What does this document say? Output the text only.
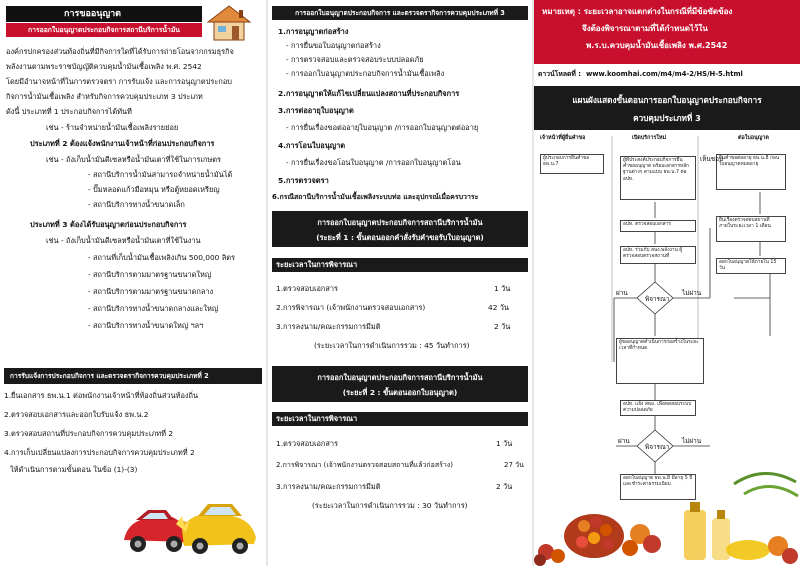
การขออนุญาต
การออกใบอนุญาตประกอบกิจการสถานีบริการน้ำมัน
องค์กรปกครองส่วนท้องถิ่นที่มีกิจการใดที่ได้รับการถ่ายโอนจากกรมธุรกิจ
พลังงานตามพระราชบัญญัติควบคุมน้ำมันเชื้อเพลิง พ.ศ. 2542
โดยมีอำนาจหน้าที่ในการตรวจตรา การรับแจ้ง และการอนุญาตประกอบ
กิจการน้ำมันเชื้อเพลิง สำหรับกิจการควบคุมประเภท 3 ประเภท
ดังนี้ ประเภทที่ 1 ประกอบกิจการได้ทันที
เช่น - ร้านจำหน่ายน้ำมันเชื้อเพลิงรายย่อย
ประเภทที่ 2 ต้องแจ้งพนักงานเจ้าหน้าที่ก่อนประกอบกิจการ
เช่น - ถังเก็บน้ำมันดีเซลหรือน้ำมันเตาที่ใช้ในการเกษตร
- สถานีบริการน้ำมันสามารถจำหน่ายน้ำมันได้
- ปั๊มหลอดแก้วมือหมุน หรือตู้หยอดเหรียญ
- สถานีบริการทางน้ำขนาดเล็ก
ประเภทที่ 3 ต้องได้รับอนุญาตก่อนประกอบกิจการ
เช่น - ถังเก็บน้ำมันดีเซลหรือน้ำมันเตาที่ใช้ในงาน
- สถานที่เก็บน้ำมันเชื้อเพลิงเกิน 500,000 ลิตร
- สถานีบริการตามมาตรฐานขนาดใหญ่
- สถานีบริการตามมาตรฐานขนาดกลาง
- สถานีบริการทางน้ำขนาดกลางและใหญ่
- สถานีบริการทางน้ำขนาดใหญ่ ฯลฯ
การรับแจ้งการประกอบกิจการ และตรวจตรากิจการควบคุมประเภทที่ 2
1.ยื่นเอกสาร ธพ.น.1 ต่อพนักงานเจ้าหน้าที่ท้องถิ่นส่วนท้องถิ่น
2.ตรวจสอบเอกสารและออกใบรับแจ้ง ธพ.น.2
3.ตรวจสอบสถานที่ประกอบกิจการควบคุมประเภทที่ 2
4.การเก็บเปลี่ยนแปลงการประกอบกิจการควบคุมประเภทที่ 2
ให้ดำเนินการตามขั้นตอน ในข้อ (1)-(3)
การออกใบอนุญาตประกอบกิจการ และตรวจตรากิจการควบคุมประเภทที่ 3
1.การอนุญาตก่อสร้าง
- การยื่นขอใบอนุญาตก่อสร้าง
- การตรวจสอบและตรวจสอบระบบปลอดภัย
- การออกใบอนุญาตประกอบกิจการน้ำมันเชื้อเพลิง
2.การอนุญาตให้แก้ไขเปลี่ยนแปลงสถานที่ประกอบกิจการ
3.การต่ออายุใบอนุญาต
- การยื่นเรื่องขอต่ออายุใบอนุญาต /การออกใบอนุญาตต่ออายุ
4.การโอนใบอนุญาต
- การยื่นเรื่องขอโอนใบอนุญาต /การออกใบอนุญาตโอน
5.การตรวจตรา
6.กรณีสถานีบริการน้ำมันเชื้อเพลิงระบบท่อ และอุปกรณ์เมื่อครบวาระ
การออกใบอนุญาตประกอบกิจการสถานีบริการน้ำมัน
(ระยะที่ 1 : ขั้นตอนออกคำสั่งรับคำขอรับใบอนุญาต)
ระยะเวลาในการพิจารณา
1.ตรวจสอบเอกสาร	1 วัน
2.การพิจารณา (เจ้าพนักงานตรวจสอบเอกสาร)	42 วัน
3.การลงนาม/คณะกรรมการมีมติ	2 วัน
(ระยะเวลาในการดำเนินการรวม : 45 วันทำการ)
การออกใบอนุญาตประกอบกิจการสถานีบริการน้ำมัน
(ระยะที่ 2 : ขั้นตอนออกใบอนุญาต)
ระยะเวลาในการพิจารณา
1.ตรวจสอบเอกสาร	1 วัน
2.การพิจารณา (เจ้าพนักงานตรวจสอบสถานที่แล้วก่อสร้าง)	27 วัน
3.การลงนาม/คณะกรรมการมีมติ	2 วัน
(ระยะเวลาในการดำเนินการรวม : 30 วันทำการ)
หมายเหตุ : ระยะเวลาอาจแตกต่างในกรณีที่มีข้อขัดข้อง
จึงต้องพิจารณาตามที่ได้กำหนดไว้ใน
พ.ร.บ.ควบคุมน้ำมันเชื้อเพลิง พ.ศ.2542
ดาวน์โหลดที่ : www.koomhai.com/m4/m4-2/HS/H-5.html
แผนผังแสดงขั้นตอนการออกใบอนุญาตประกอบกิจการ
ควบคุมประเภทที่ 3
เจ้าหน้าที่ผู้ยื่นคำขอ	เปิดบริการใหม่	ต่อใบอนุญาต
ผู้ประกอบการยื่นคำขอ ธพ.น.7
ผู้ที่ประสงค์ประกอบกิจการยื่นคำขออนุญาต พร้อมเอกสารหลักฐานต่างๆ ตามแบบ ธพ.น.7 ต่อ อปท.
อปท. ตรวจสอบเอกสาร
อปท. ร่วมกับ สนง.พลังงาน ผู้ตรวจสอบตรวจสถานที่
ผู้ขออนุญาตดำเนินการก่อสร้างในระยะเวลาที่กำหนด
อปท. แจ้ง สพม. เพื่อทดสอบระบบความปลอดภัย
ออกใบอนุญาต ธพ.น.8 มีอายุ 5 ปี และชำระค่าธรรมเนียม
ยื่นคำขอต่ออายุ ธพ.น.8 ก่อนใบอนุญาตหมดอายุ
ยื่นเรื่องตรวจสอบสถานที่ภายในระยะเวลา 1 เดือน
ออกใบอนุญาตให้ภายใน 15 วัน
ผ่าน	ไม่ผ่าน
พิจารณา
ผ่าน	ไม่ผ่าน
พิจารณา
เห็นชอบ
